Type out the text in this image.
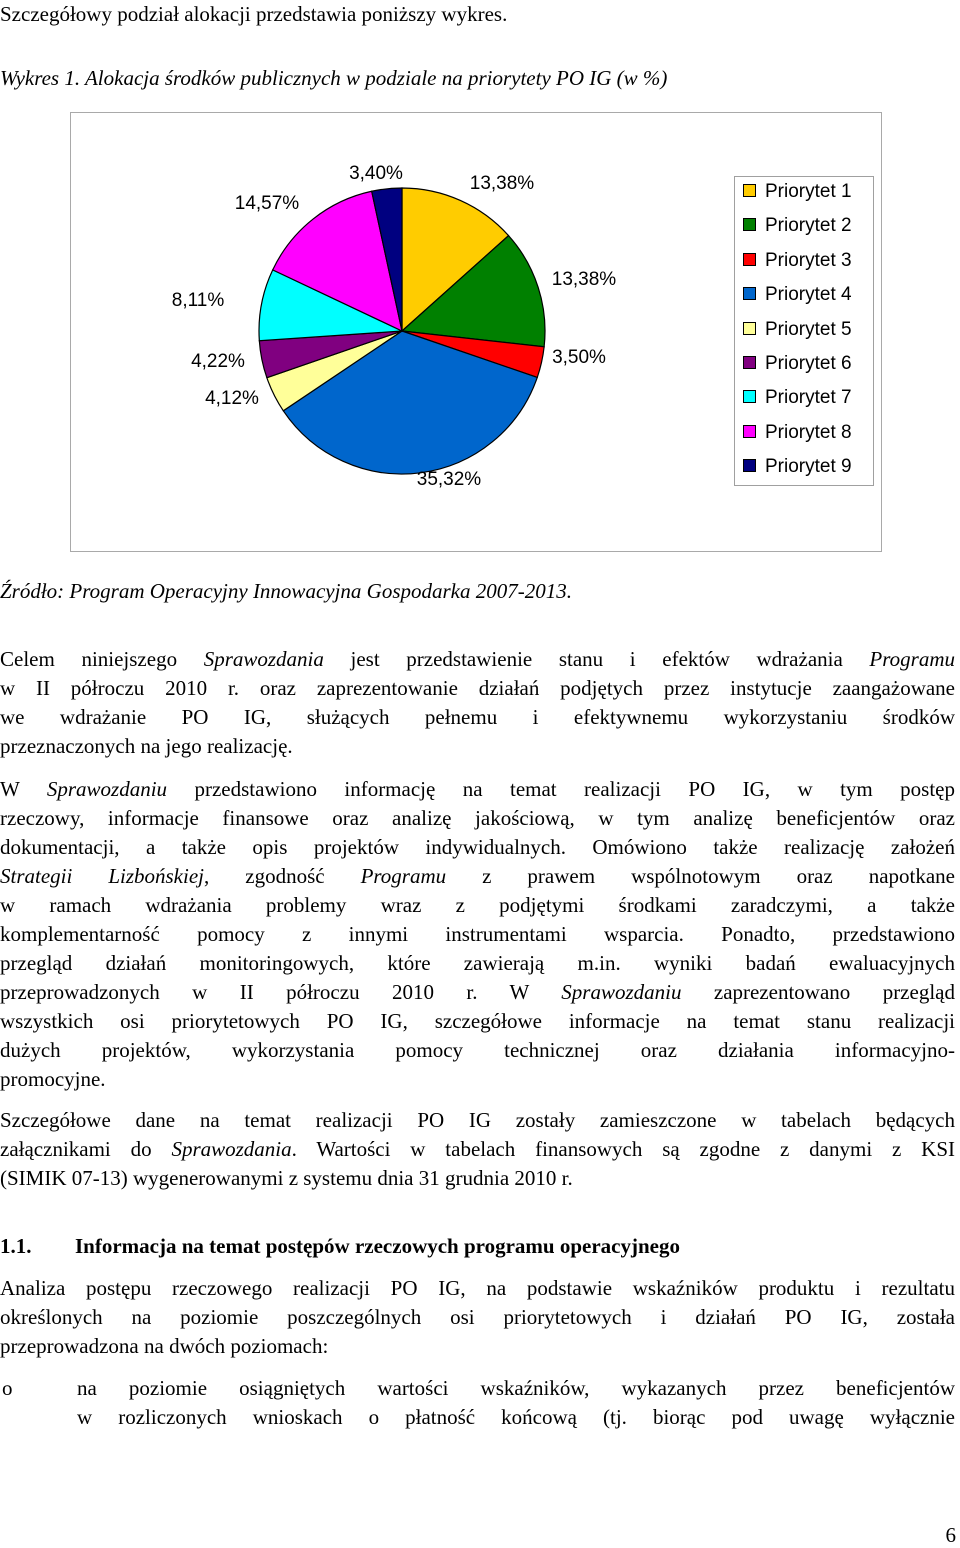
Szczegółowy podział alokacji przedstawia poniższy wykres.
Wykres 1. Alokacja środków publicznych w podziale na priorytety PO IG (w %)
13,38%
13,38%
3,50%
35,32%
4,12%
4,22%
8,11%
14,57%
3,40%
Priorytet 1
Priorytet 2
Priorytet 3
Priorytet 4
Priorytet 5
Priorytet 6
Priorytet 7
Priorytet 8
Priorytet 9
Źródło: Program Operacyjny Innowacyjna Gospodarka 2007-2013.
Celem niniejszego Sprawozdania jest przedstawienie stanu i efektów wdrażania Programu
w II półroczu 2010 r. oraz zaprezentowanie działań podjętych przez instytucje zaangażowane
we wdrażanie PO IG, służących pełnemu i efektywnemu wykorzystaniu środków
przeznaczonych na jego realizację.
W Sprawozdaniu przedstawiono informację na temat realizacji PO IG, w tym postęp
rzeczowy, informacje finansowe oraz analizę jakościową, w tym analizę beneficjentów oraz
dokumentacji, a także opis projektów indywidualnych. Omówiono także realizację założeń
Strategii Lizbońskiej, zgodność Programu z prawem wspólnotowym oraz napotkane
w ramach wdrażania problemy wraz z podjętymi środkami zaradczymi, a także
komplementarność pomocy z innymi instrumentami wsparcia. Ponadto, przedstawiono
przegląd działań monitoringowych, które zawierają m.in. wyniki badań ewaluacyjnych
przeprowadzonych w II półroczu 2010 r. W Sprawozdaniu zaprezentowano przegląd
wszystkich osi priorytetowych PO IG, szczegółowe informacje na temat stanu realizacji
dużych projektów, wykorzystania pomocy technicznej oraz działania informacyjno-
promocyjne.
Szczegółowe dane na temat realizacji PO IG zostały zamieszczone w tabelach będących
załącznikami do Sprawozdania. Wartości w tabelach finansowych są zgodne z danymi z KSI
(SIMIK 07-13) wygenerowanymi z systemu dnia 31 grudnia 2010 r.
1.1. Informacja na temat postępów rzeczowych programu operacyjnego
Analiza postępu rzeczowego realizacji PO IG, na podstawie wskaźników produktu i rezultatu
określonych na poziomie poszczególnych osi priorytetowych i działań PO IG, została
przeprowadzona na dwóch poziomach:
o	na poziomie osiągniętych wartości wskaźników, wykazanych przez beneficjentów
w rozliczonych wnioskach o płatność końcową (tj. biorąc pod uwagę wyłącznie
6
